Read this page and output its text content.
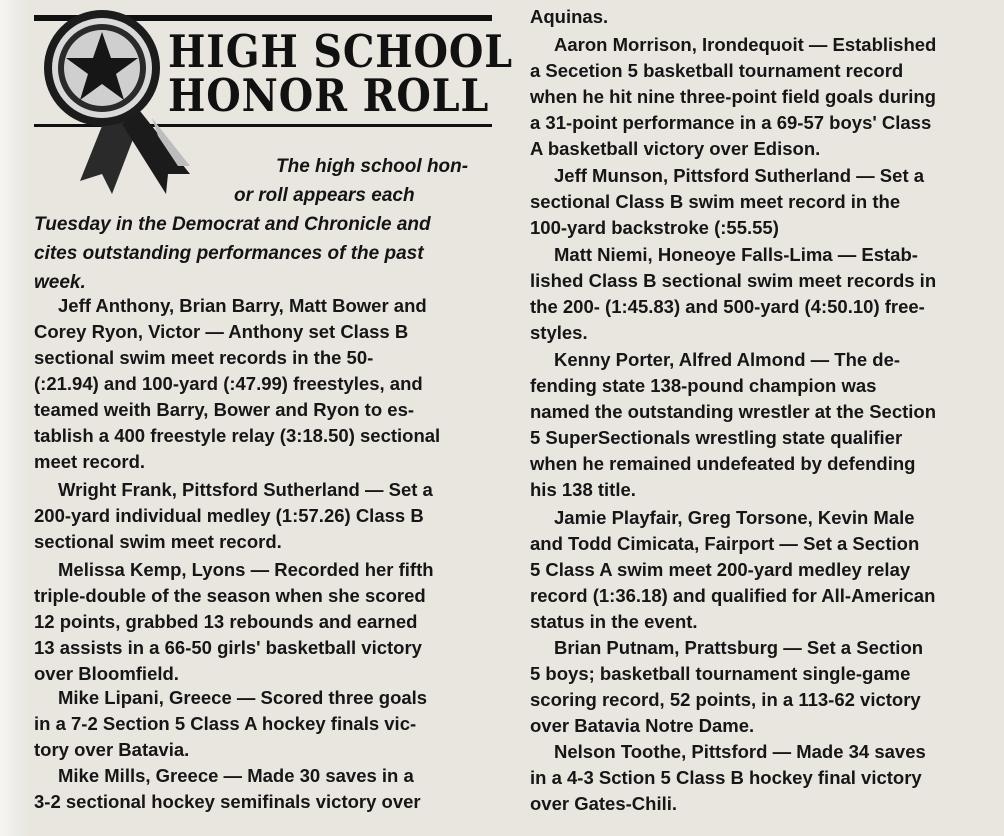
HIGH SCHOOL
HONOR ROLL
The high school hon-
or roll appears each
Tuesday in the Democrat and Chronicle and
cites outstanding performances of the past
week.
Jeff Anthony, Brian Barry, Matt Bower and
Corey Ryon, Victor — Anthony set Class B
sectional swim meet records in the 50-
(:21.94) and 100-yard (:47.99) freestyles, and
teamed weith Barry, Bower and Ryon to es-
tablish a 400 freestyle relay (3:18.50) sectional
meet record.
Wright Frank, Pittsford Sutherland — Set a
200-yard individual medley (1:57.26) Class B
sectional swim meet record.
Melissa Kemp, Lyons — Recorded her fifth
triple-double of the season when she scored
12 points, grabbed 13 rebounds and earned
13 assists in a 66-50 girls' basketball victory
over Bloomfield.
Mike Lipani, Greece — Scored three goals
in a 7-2 Section 5 Class A hockey finals vic-
tory over Batavia.
Mike Mills, Greece — Made 30 saves in a
3-2 sectional hockey semifinals victory over
Aquinas.
Aaron Morrison, Irondequoit — Established
a Secetion 5 basketball tournament record
when he hit nine three-point field goals during
a 31-point performance in a 69-57 boys' Class
A basketball victory over Edison.
Jeff Munson, Pittsford Sutherland — Set a
sectional Class B swim meet record in the
100-yard backstroke (:55.55)
Matt Niemi, Honeoye Falls-Lima — Estab-
lished Class B sectional swim meet records in
the 200- (1:45.83) and 500-yard (4:50.10) free-
styles.
Kenny Porter, Alfred Almond — The de-
fending state 138-pound champion was
named the outstanding wrestler at the Section
5 SuperSectionals wrestling state qualifier
when he remained undefeated by defending
his 138 title.
Jamie Playfair, Greg Torsone, Kevin Male
and Todd Cimicata, Fairport — Set a Section
5 Class A swim meet 200-yard medley relay
record (1:36.18) and qualified for All-American
status in the event.
Brian Putnam, Prattsburg — Set a Section
5 boys; basketball tournament single-game
scoring record, 52 points, in a 113-62 victory
over Batavia Notre Dame.
Nelson Toothe, Pittsford — Made 34 saves
in a 4-3 Sction 5 Class B hockey final victory
over Gates-Chili.
